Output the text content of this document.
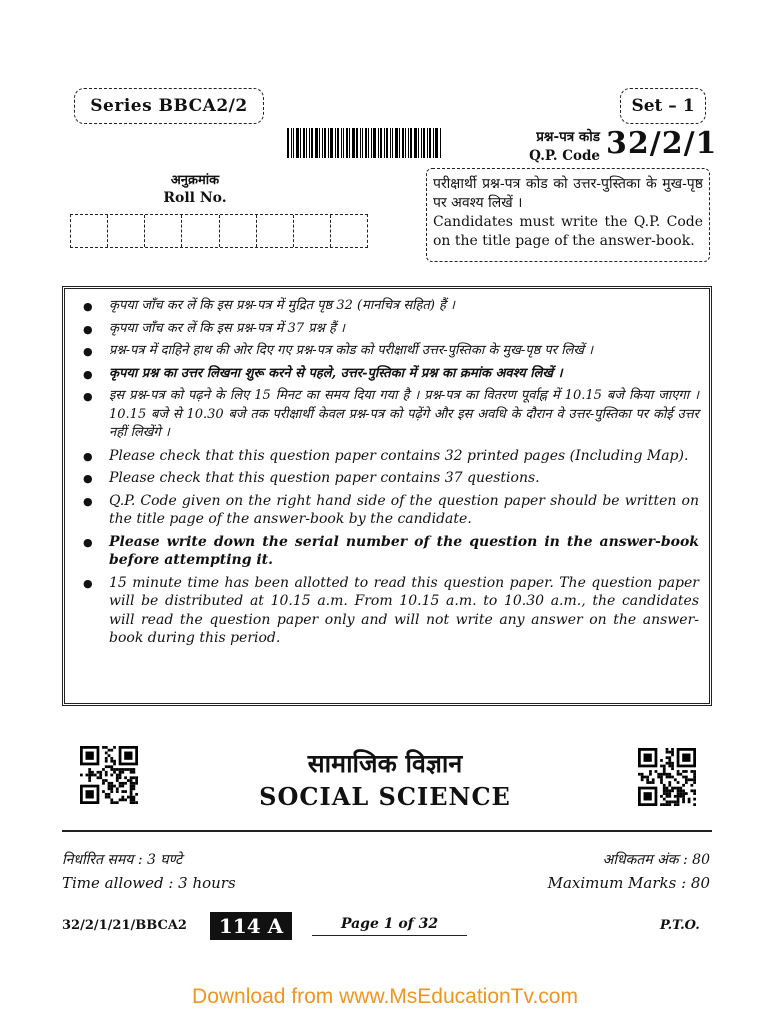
Series BBCA2/2	Set – 1
प्रश्न-पत्र कोड
Q.P. Code 32/2/1
अनुक्रमांक
Roll No.

परीक्षार्थी प्रश्न-पत्र कोड को उत्तर-पुस्तिका के मुख-पृष्ठ पर अवश्य लिखें ।

Candidates must write the Q.P. Code on the title page of the answer-book.

● कृपया जाँच कर लें कि इस प्रश्न-पत्र में मुद्रित पृष्ठ 32 (मानचित्र सहित) हैं ।
● कृपया जाँच कर लें कि इस प्रश्न-पत्र में 37 प्रश्न हैं ।
● प्रश्न-पत्र में दाहिने हाथ की ओर दिए गए प्रश्न-पत्र कोड को परीक्षार्थी उत्तर-पुस्तिका के मुख-पृष्ठ पर लिखें ।
● कृपया प्रश्न का उत्तर लिखना शुरू करने से पहले, उत्तर-पुस्तिका में प्रश्न का क्रमांक अवश्य लिखें ।
● इस प्रश्न-पत्र को पढ़ने के लिए 15 मिनट का समय दिया गया है । प्रश्न-पत्र का वितरण पूर्वाह्न में 10.15 बजे किया जाएगा । 10.15 बजे से 10.30 बजे तक परीक्षार्थी केवल प्रश्न-पत्र को पढ़ेंगे और इस अवधि के दौरान वे उत्तर-पुस्तिका पर कोई उत्तर नहीं लिखेंगे ।
● Please check that this question paper contains 32 printed pages (Including Map).
● Please check that this question paper contains 37 questions.
● Q.P. Code given on the right hand side of the question paper should be written on the title page of the answer-book by the candidate.
● Please write down the serial number of the question in the answer-book before attempting it.
● 15 minute time has been allotted to read this question paper. The question paper will be distributed at 10.15 a.m. From 10.15 a.m. to 10.30 a.m., the candidates will read the question paper only and will not write any answer on the answer-book during this period.
सामाजिक विज्ञान
SOCIAL SCIENCE
निर्धारित समय : 3 घण्टे	अधिकतम अंक : 80
Time allowed : 3 hours	Maximum Marks : 80
32/2/1/21/BBCA2	114 A	Page 1 of 32	P.T.O.
Download from www.MsEducationTv.com
